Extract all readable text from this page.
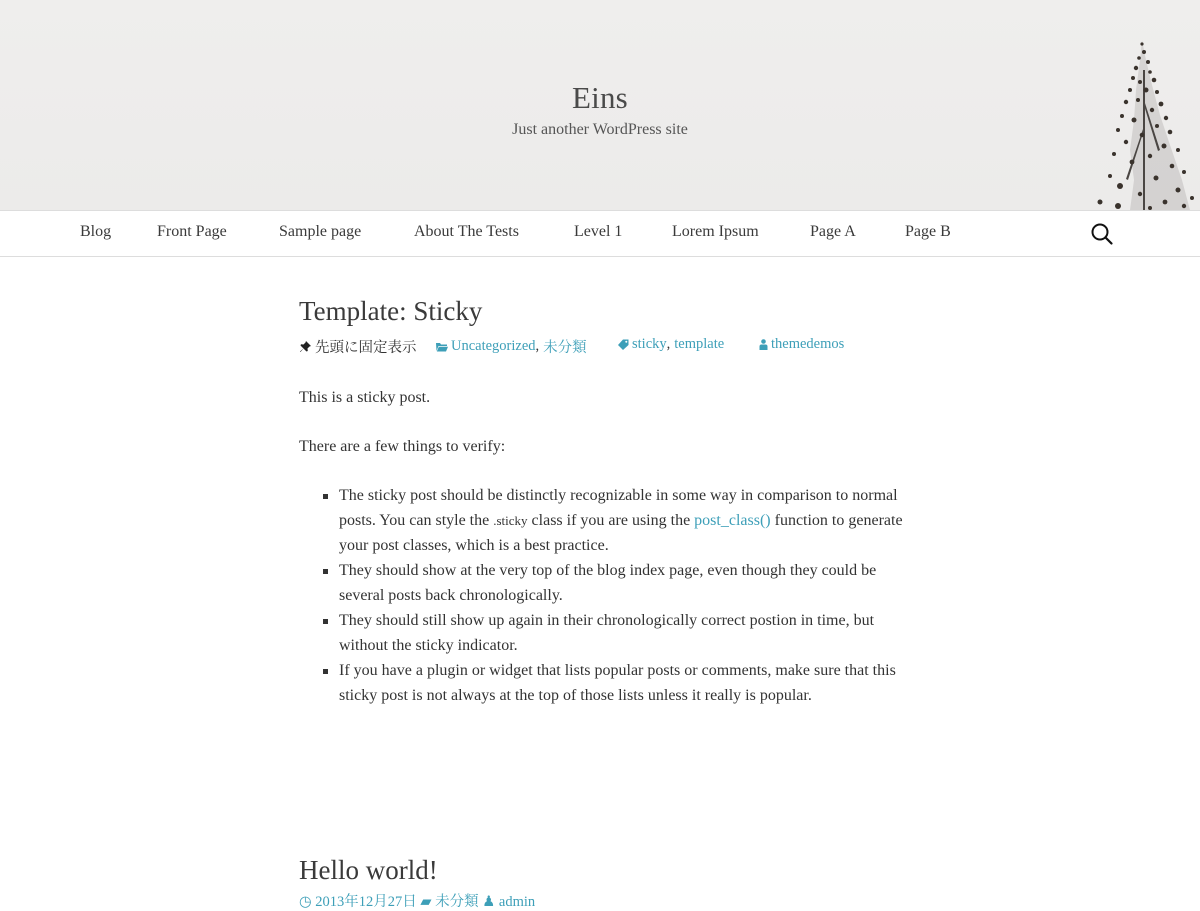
Eins
Just another WordPress site
Blog	Front Page	Sample page	About The Tests	Level 1	Lorem Ipsum	Page A	Page B
Template: Sticky
先頭に固定表示 Uncategorized , 未分類	sticky , template	themedemos

This is a sticky post.

There are a few things to verify:

The sticky post should be distinctly recognizable in some way in comparison to normal posts. You can style the .sticky class if you are using the post_class() function to generate your post classes, which is a best practice.
They should show at the very top of the blog index page, even though they could be several posts back chronologically.
They should still show up again in their chronologically correct postion in time, but without the sticky indicator.
If you have a plugin or widget that lists popular posts or comments, make sure that this sticky post is not always at the top of those lists unless it really is popular.
Hello world!
◷ 2013年12月27日 ▰ 未分類 ♟ admin
